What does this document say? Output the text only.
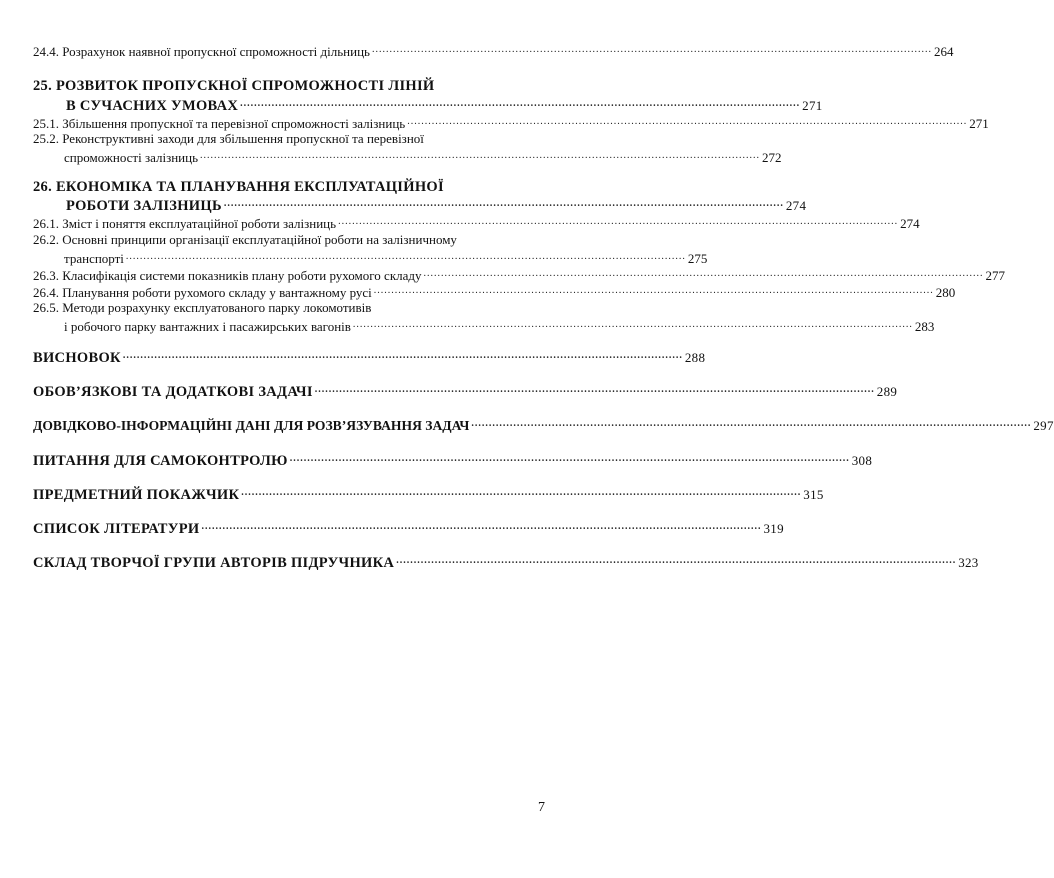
24.4. Розрахунок наявної пропускної спроможності дільниць ................................................................................................................................................................ 264
25. РОЗВИТОК ПРОПУСКНОЇ СПРОМОЖНОСТІ ЛІНІЙ
В СУЧАСНИХ УМОВАХ ................................................................................................................................................................ 271
25.1. Збільшення пропускної та перевізної спроможності залізниць ................................................................................................................................................................ 271
25.2. Реконструктивні заходи для збільшення пропускної та перевізної
спроможності залізниць ................................................................................................................................................................ 272
26. ЕКОНОМІКА ТА ПЛАНУВАННЯ ЕКСПЛУАТАЦІЙНОЇ
РОБОТИ ЗАЛІЗНИЦЬ ................................................................................................................................................................ 274
26.1. Зміст і поняття експлуатаційної роботи залізниць ................................................................................................................................................................ 274
26.2. Основні принципи організації експлуатаційної роботи на залізничному
транспорті ................................................................................................................................................................ 275
26.3. Класифікація системи показників плану роботи рухомого складу ................................................................................................................................................................ 277
26.4. Планування роботи рухомого складу у вантажному русі ................................................................................................................................................................ 280
26.5. Методи розрахунку експлуатованого парку локомотивів
і робочого парку вантажних і пасажирських вагонів ................................................................................................................................................................ 283
ВИСНОВОК ................................................................................................................................................................ 288
ОБОВ’ЯЗКОВІ ТА ДОДАТКОВІ ЗАДАЧІ ................................................................................................................................................................ 289
ДОВІДКОВО-ІНФОРМАЦІЙНІ ДАНІ ДЛЯ РОЗВ’ЯЗУВАННЯ ЗАДАЧ ................................................................................................................................................................ 297
ПИТАННЯ ДЛЯ САМОКОНТРОЛЮ ................................................................................................................................................................ 308
ПРЕДМЕТНИЙ ПОКАЖЧИК ................................................................................................................................................................ 315
СПИСОК ЛІТЕРАТУРИ ................................................................................................................................................................ 319
СКЛАД ТВОРЧОЇ ГРУПИ АВТОРІВ ПІДРУЧНИКА ................................................................................................................................................................ 323
7
